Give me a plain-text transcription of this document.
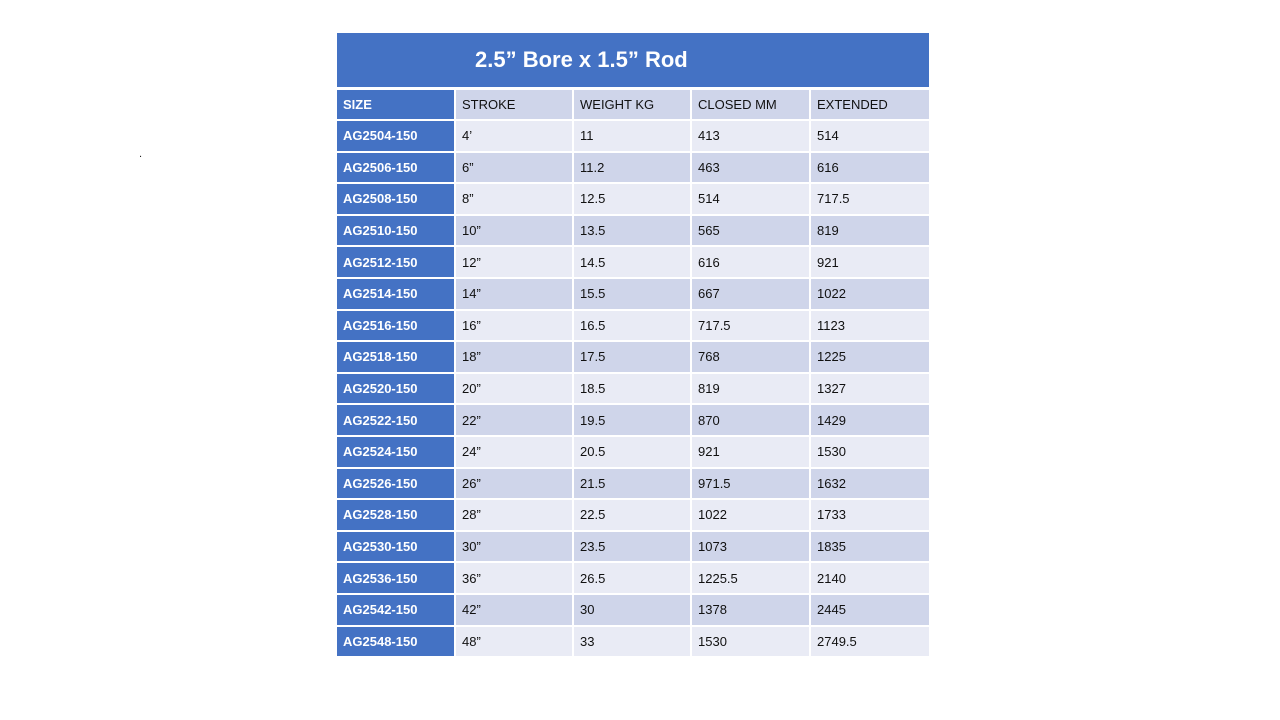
.
2.5” Bore x 1.5” Rod				
SIZE	STROKE	WEIGHT KG	CLOSED MM	EXTENDED
AG2504-150	4’	11	413	514
AG2506-150	6”	11.2	463	616
AG2508-150	8”	12.5	514	717.5
AG2510-150	10”	13.5	565	819
AG2512-150	12”	14.5	616	921
AG2514-150	14”	15.5	667	1022
AG2516-150	16”	16.5	717.5	1123
AG2518-150	18”	17.5	768	1225
AG2520-150	20”	18.5	819	1327
AG2522-150	22”	19.5	870	1429
AG2524-150	24”	20.5	921	1530
AG2526-150	26”	21.5	971.5	1632
AG2528-150	28”	22.5	1022	1733
AG2530-150	30”	23.5	1073	1835
AG2536-150	36”	26.5	1225.5	2140
AG2542-150	42”	30	1378	2445
AG2548-150	48”	33	1530	2749.5
